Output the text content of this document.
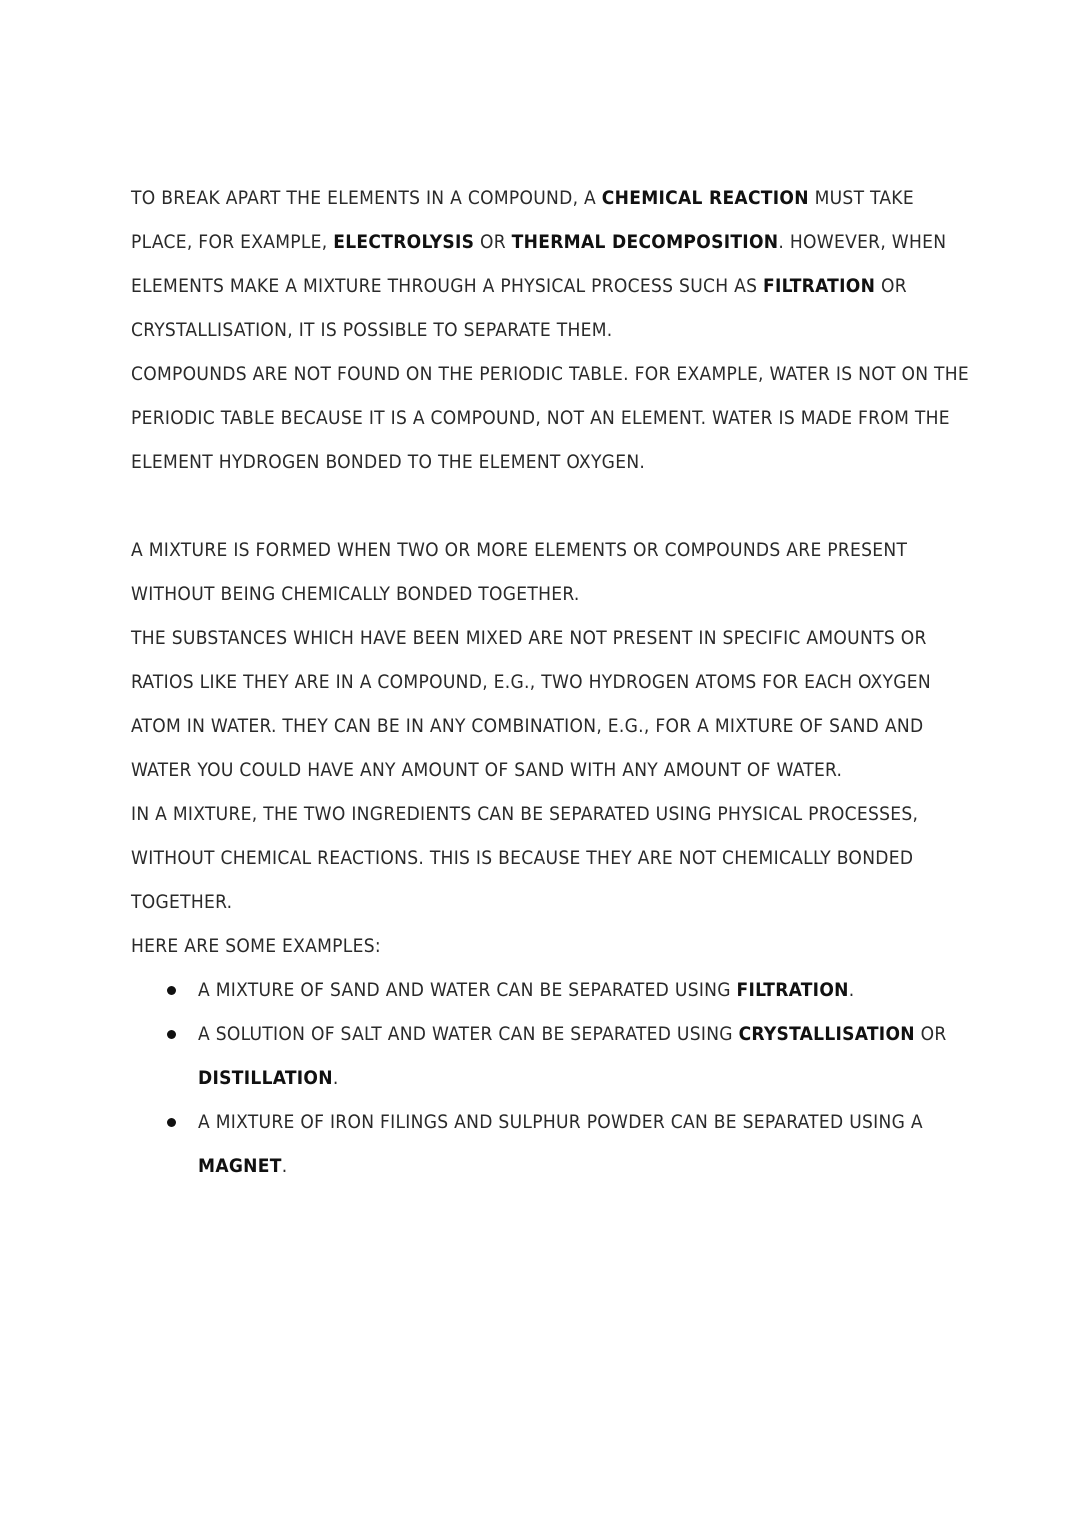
TO BREAK APART THE ELEMENTS IN A COMPOUND, A CHEMICAL REACTION MUST TAKE PLACE, FOR EXAMPLE, ELECTROLYSIS OR THERMAL DECOMPOSITION. HOWEVER, WHEN ELEMENTS MAKE A MIXTURE THROUGH A PHYSICAL PROCESS SUCH AS FILTRATION OR CRYSTALLISATION, IT IS POSSIBLE TO SEPARATE THEM.

COMPOUNDS ARE NOT FOUND ON THE PERIODIC TABLE. FOR EXAMPLE, WATER IS NOT ON THE PERIODIC TABLE BECAUSE IT IS A COMPOUND, NOT AN ELEMENT. WATER IS MADE FROM THE ELEMENT HYDROGEN BONDED TO THE ELEMENT OXYGEN.

A MIXTURE IS FORMED WHEN TWO OR MORE ELEMENTS OR COMPOUNDS ARE PRESENT WITHOUT BEING CHEMICALLY BONDED TOGETHER.

THE SUBSTANCES WHICH HAVE BEEN MIXED ARE NOT PRESENT IN SPECIFIC AMOUNTS OR RATIOS LIKE THEY ARE IN A COMPOUND, E.G., TWO HYDROGEN ATOMS FOR EACH OXYGEN ATOM IN WATER. THEY CAN BE IN ANY COMBINATION, E.G., FOR A MIXTURE OF SAND AND WATER YOU COULD HAVE ANY AMOUNT OF SAND WITH ANY AMOUNT OF WATER.

IN A MIXTURE, THE TWO INGREDIENTS CAN BE SEPARATED USING PHYSICAL PROCESSES, WITHOUT CHEMICAL REACTIONS. THIS IS BECAUSE THEY ARE NOT CHEMICALLY BONDED TOGETHER.

HERE ARE SOME EXAMPLES:

A MIXTURE OF SAND AND WATER CAN BE SEPARATED USING FILTRATION.
A SOLUTION OF SALT AND WATER CAN BE SEPARATED USING CRYSTALLISATION OR DISTILLATION.
A MIXTURE OF IRON FILINGS AND SULPHUR POWDER CAN BE SEPARATED USING A MAGNET.
